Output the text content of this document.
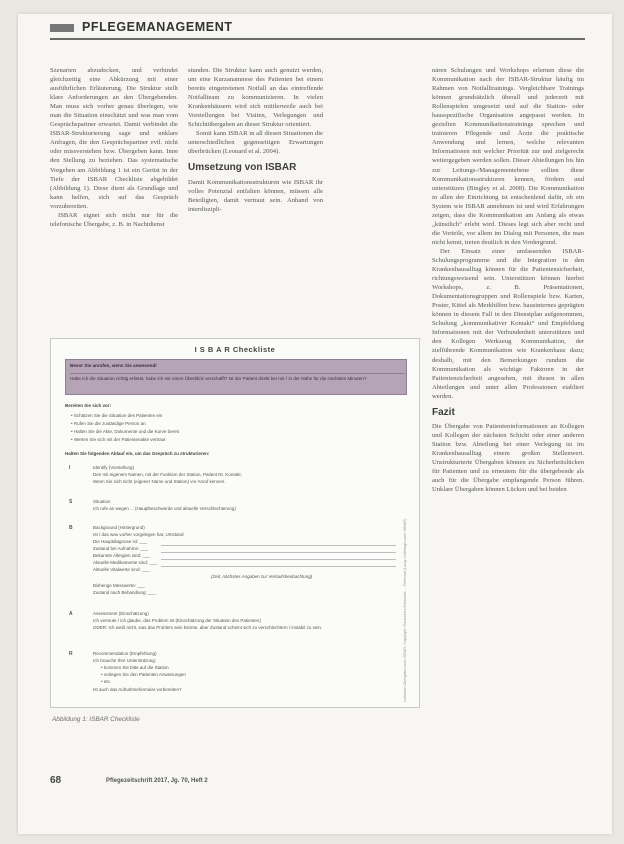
PFLEGEMANAGEMENT

Szenarien abzudecken, und verbindet gleichzeitig eine Abkürzung mit einer ausführlichen Erläuterung. Die Struktur stellt klare Anforderungen an den Übergebenden. Man muss sich vorher genau überlegen, wie man die Situation einschätzt und was man vom Gesprächspartner erwartet. Damit verbindet die ISBAR-Strukturierung sage und unklare Anfragen, die den Gesprächspartner evtl. nicht oder missverstehen bzw. Übergeben kann. Inne den Stellung zu beziehen. Das systematische Vorgehen am Abbildung 1 ist ein Gerüst in der Tiefe der ISBAR Checkliste abgebildet (Abbildung 1). Diese dient als Grundlage und kann helfen, sich auf das Gespräch vorzubereiten.

ISBAR eignet sich nicht nur für die telefonische Übergabe, z. B. in Nachtdienst

stunden. Die Struktur kann auch genutzt werden, um eine Kurzanamnese des Patienten bei einem bereits eingetretenen Notfall an das eintreffende Notfallteam zu kommunizieren. In vielen Krankenhäusern wird sich mittlerweile auch bei Vorstellungen bei Visiten, Verlegungen und Schichtübergaben an dieser Struktur orientiert.

Somit kann ISBAR in all diesen Situationen die unterschiedlichen gegenseitigen Erwartungen überbrücken (Leonard et al. 2004).

Umsetzung von ISBAR

Damit Kommunikationsstrukturen wie ISBAR ihr volles Potenzial entfalten können, müssen alle Beteiligten, damit vertraut sein. Anhand von interdiszipli-

nären Schulungen und Workshops erlernen diese die Kommunikation nach der ISBAR-Struktur häufig im Rahmen von Notfalltrainings. Vergleichbare Trainings können grundsätzlich überall und jederzeit mit Rollenspielen umgesetzt und auf die Station- oder hausspezifische Organisation angepasst werden. In gezielten Kommunikationstrainings sprechen und trainieren Pflegende und Ärzte die praktische Anwendung und lernen, welche relevanten Informationen mit welcher Priorität zur und zielgerecht weitergegeben werden sollen. Dieser Abteilungen bis hin zur Leitungs-/Managementebene sollten diese Kommunikationsstrukturen kennen, fördern und unterstützen (Bingley et al. 2008). Die Kommunikation in allen der Einrichtung ist entscheidend dafür, ob ein System wie ISBAR annehmen ist und wird Erfahrungen zeigen, dass die Kommunikation am Anfang als etwas „künstlich“ erlebt wird. Dieses legt sich aber recht und die Vorteile, vor allem im Dialog mit Personen, die man nicht kennt, treten deutlich in den Vordergrund.

Der Einsatz einer umfassenden ISBAR-Schulungsprogramme und die Integration in den Krankenhausalltag können für die Patientensicherheit, richtungsweisend sein. Unterstützen können hierbei Workshops, z. B. Präsentationen, Dokumentationsgruppen und Rollenspiele bzw. Karten, Poster, Kittel als Merkhilfen bzw. hausinternes geprägten können in diesem Fall in den Dienstplan aufgenommen, Schulung „kommunikativer Kontakt“ und Empfehlung Informationen mit der Verbundenheit unterstützen und den Kollegen Werkzeug Kommunikation, der zielführende Kommunikation wie Krankenhaus dazu; deshalb, mit den Bemerkungen rundum die Kommunikation als wichtige Faktoren in der Patientensicherheit angesehen, mit diesen in allen Abteilungen und unter allen Professionen etabliert werden.

Fazit

Die Übergabe von Patienteninformationen an Kollegen und Kollegen der nächsten Schicht oder einer anderen Station bzw. Abteilung bei einer Verlegung ist im Krankenhausalltag einem großen Stellenwert. Unstrukturierte Übergaben können zu Sicherheitslücken für Patienten und zu erneutem für die übergebende als auch für die Übergabe empfangende Person führen. Unklare Übergaben können Lücken und bei beiden

I S B A R Checkliste
Bevor Sie anrufen, wenn Sie anwesend!
Habe ich die Situation richtig erfasst, habe ich mir einen Überblick verschafft? Ist der Patient direkt bei mir / in der Nähe für die nächsten Minuten?
Bereiten Sie sich vor:
• Schätzen Sie die Situation des Patienten ein
• Rufen Sie die zuständige Person an
• Halten Sie die Akte, Dokumente und die Kurve bereit
• Werten Sie sich mit der Patientenakte vertraut
Halten Sie folgenden Ablauf ein, um das Gespräch zu strukturieren:
I	Identify (Vorstellung)
Den mit eigenem Namen, mit der Funktion der Station, Patient Nr. Kontakt.
Wenn Sie sich nicht (eigener Name und Station) vor Anruf kennen.
S	Situation
Ich rufe an wegen ... (Hauptbeschwerde und aktuelle Verschlechterung)
B	Background (Hintergrund)
Ist / das was vorher vorgelegen hat, Umstand
Die Hauptdiagnose ist: ___
Zustand bei Aufnahme: ___
Bekannte Allergien sind: ___
Aktuelle Medikamente sind: ___
Aktuelle Vitalwerte sind: ___
(Zeit, nächstes Angaben zur Verlaufsbeobachtung)
Bisherige Messwerte: ___
Zustand nach Behandlung: ___
A	Assessment (Einschätzung)
Ich vermute / ich glaube, das Problem ist (Einschätzung der Situation des Patienten)
ODER: Ich weiß nicht, was das Problem sein könnte, aber Zustand scheint sich zu verschlechtern / instabil zu sein.
R	Recommendation (Empfehlung)
Ich brauche Ihre Unterstützung:
• kommen Sie bitte auf die Station
• vorlegen Sie den Patienten Anweisungen
• etc.
Ist auch das Aufnahmeformular vorbereiten?	Leitfaden Übergabe nach ISBAR, Copyright: Deutsches Netzwerk ... Telefonat (Lang; Unterlage nach ISBAR)
Abbildung 1: ISBAR Checkliste
68	Pflegezeitschrift 2017, Jg. 70, Heft 2
